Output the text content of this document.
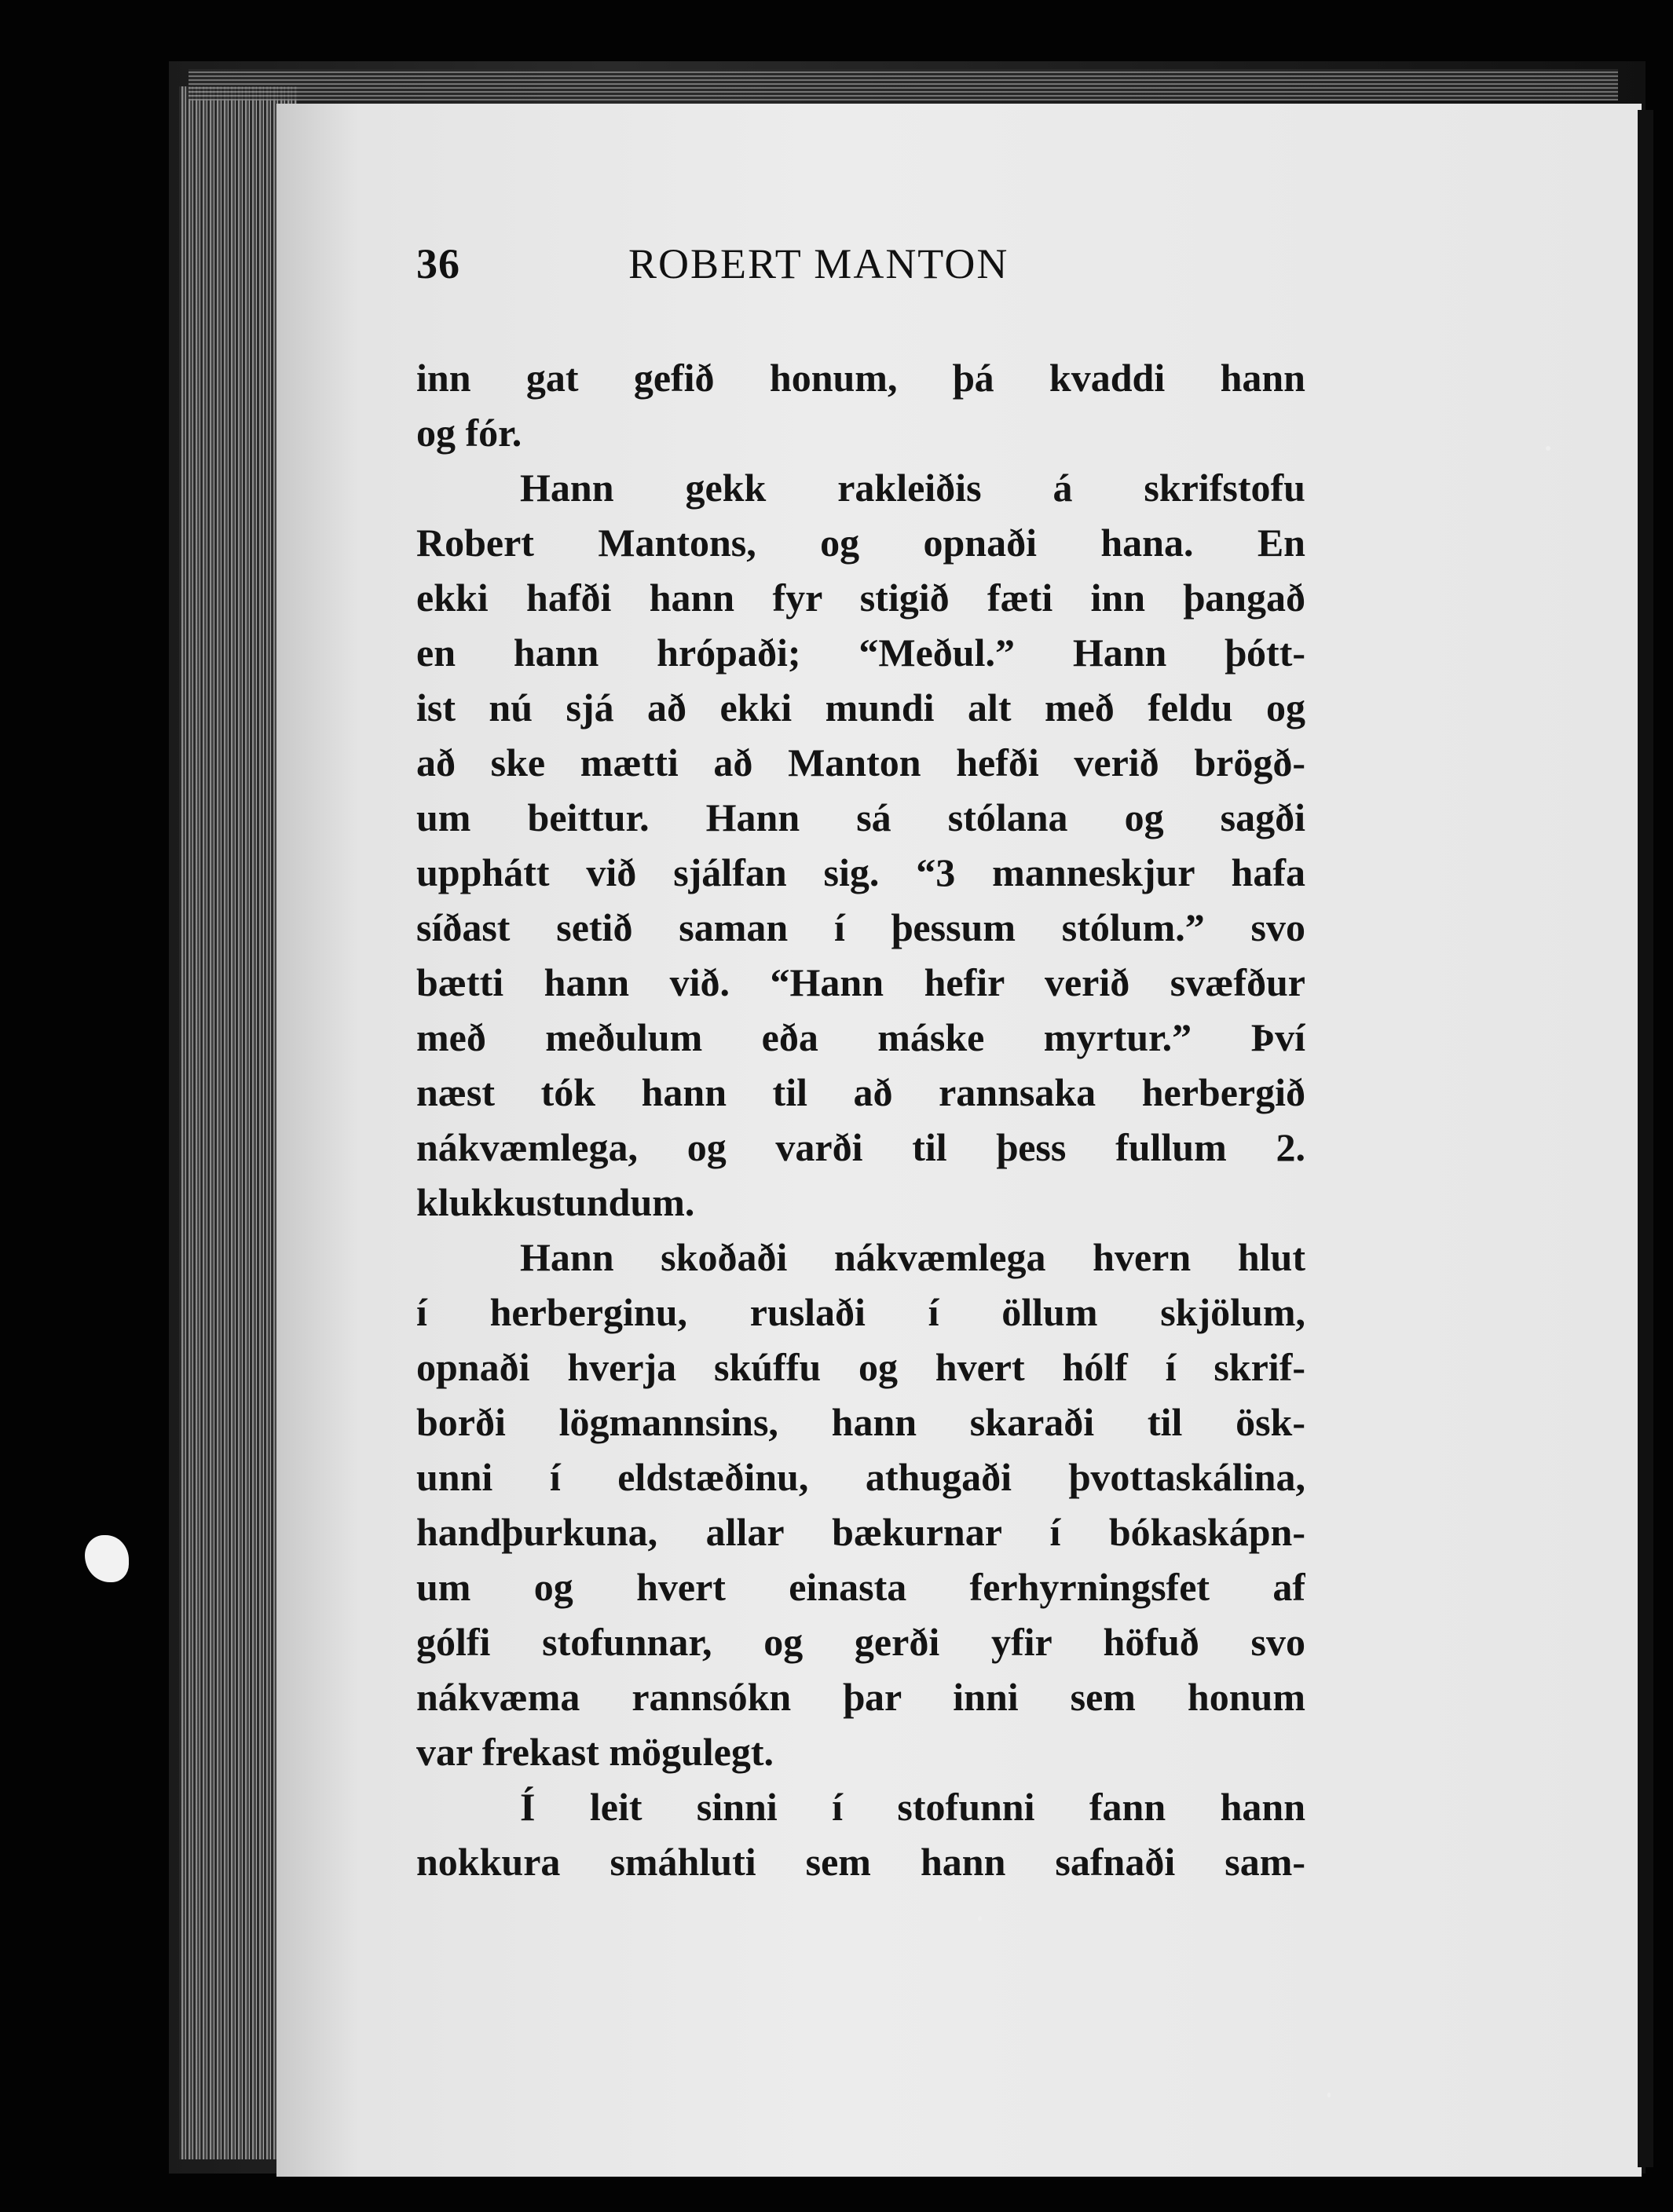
36	ROBERT MANTON
inn gat gefið honum, þá kvaddi hann
og fór.
Hann gekk rakleiðis á skrifstofu
Robert Mantons, og opnaði hana. En
ekki hafði hann fyr stigið fæti inn þangað
en hann hrópaði; “Meðul.” Hann þótt-
ist nú sjá að ekki mundi alt með feldu og
að ske mætti að Manton hefði verið brögð-
um beittur. Hann sá stólana og sagði
upphátt við sjálfan sig. “3 manneskjur hafa
síðast setið saman í þessum stólum.” svo
bætti hann við. “Hann hefir verið svæfður
með meðulum eða máske myrtur.” Því
næst tók hann til að rannsaka herbergið
nákvæmlega, og varði til þess fullum 2.
klukkustundum.
Hann skoðaði nákvæmlega hvern hlut
í herberginu, ruslaði í öllum skjölum,
opnaði hverja skúffu og hvert hólf í skrif-
borði lögmannsins, hann skaraði til ösk-
unni í eldstæðinu, athugaði þvottaskálina,
handþurkuna, allar bækurnar í bókaskápn-
um og hvert einasta ferhyrningsfet af
gólfi stofunnar, og gerði yfir höfuð svo
nákvæma rannsókn þar inni sem honum
var frekast mögulegt.
Í leit sinni í stofunni fann hann
nokkura smáhluti sem hann safnaði sam-
